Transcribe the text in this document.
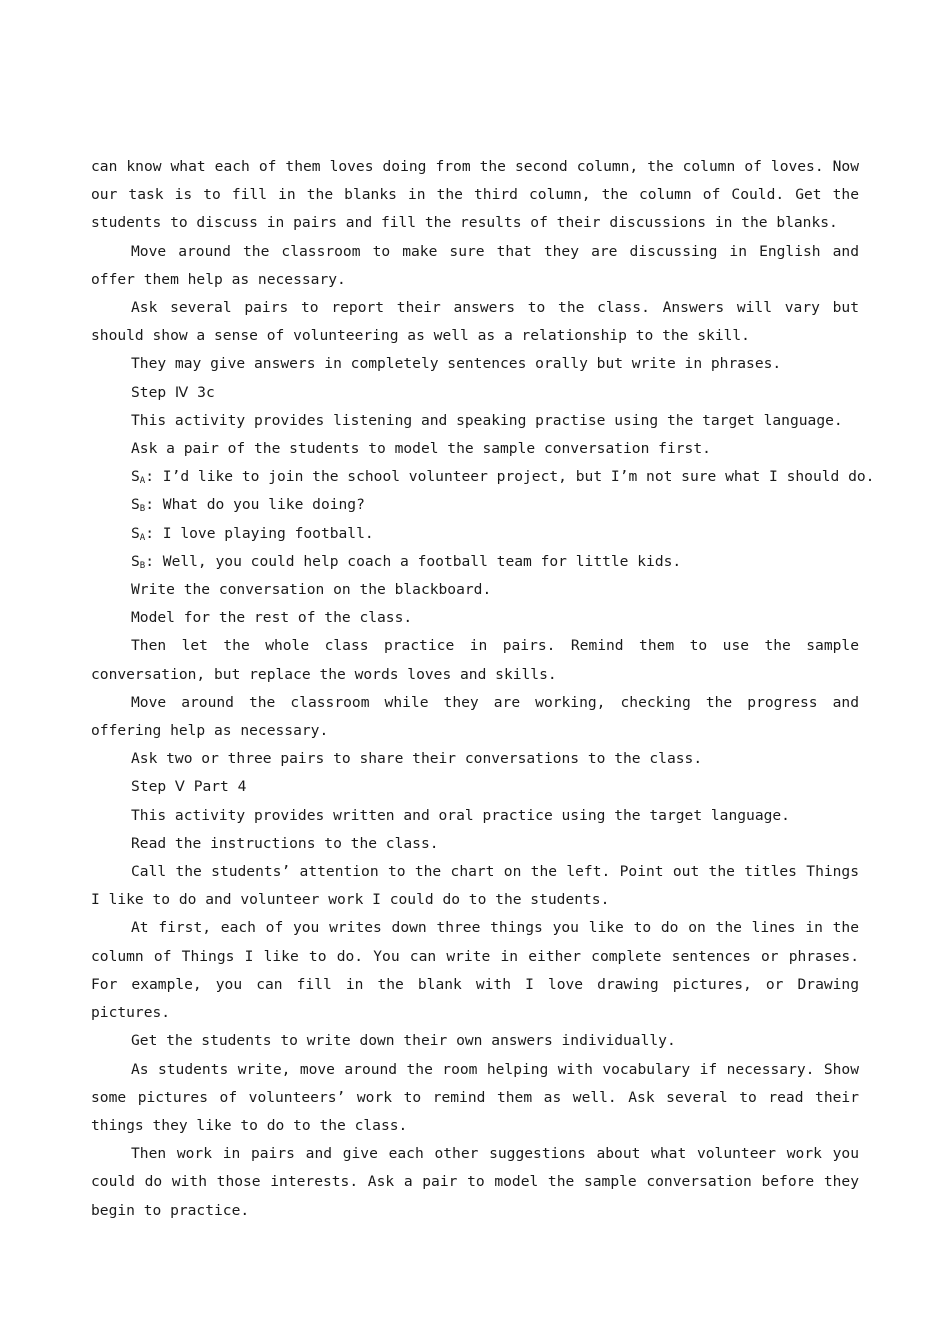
can know what each of them loves doing from the second column, the column of loves. Now our task is to fill in the blanks in the third column, the column of Could. Get the students to discuss in pairs and fill the results of their discussions in the blanks.

Move around the classroom to make sure that they are discussing in English and offer them help as necessary.

Ask several pairs to report their answers to the class. Answers will vary but should show a sense of volunteering as well as a relationship to the skill.

They may give answers in completely sentences orally but write in phrases.

Step Ⅳ 3c

This activity provides listening and speaking practise using the target language.

Ask a pair of the students to model the sample conversation first.

$S_A$: I’d like to join the school volunteer project, but I’m not sure what I should do.

$S_B$: What do you like doing?

$S_A$: I love playing football.

$S_B$: Well, you could help coach a football team for little kids.

Write the conversation on the blackboard.

Model for the rest of the class.

Then let the whole class practice in pairs. Remind them to use the sample conversation, but replace the words loves and skills.

Move around the classroom while they are working, checking the progress and offering help as necessary.

Ask two or three pairs to share their conversations to the class.

Step Ⅴ Part 4

This activity provides written and oral practice using the target language.

Read the instructions to the class.

Call the students’ attention to the chart on the left. Point out the titles Things I like to do and volunteer work I could do to the students.

At first, each of you writes down three things you like to do on the lines in the column of Things I like to do. You can write in either complete sentences or phrases. For example, you can fill in the blank with I love drawing pictures, or Drawing pictures.

Get the students to write down their own answers individually.

As students write, move around the room helping with vocabulary if necessary. Show some pictures of volunteers’ work to remind them as well. Ask several to read their things they like to do to the class.

Then work in pairs and give each other suggestions about what volunteer work you could do with those interests. Ask a pair to model the sample conversation before they begin to practice.
